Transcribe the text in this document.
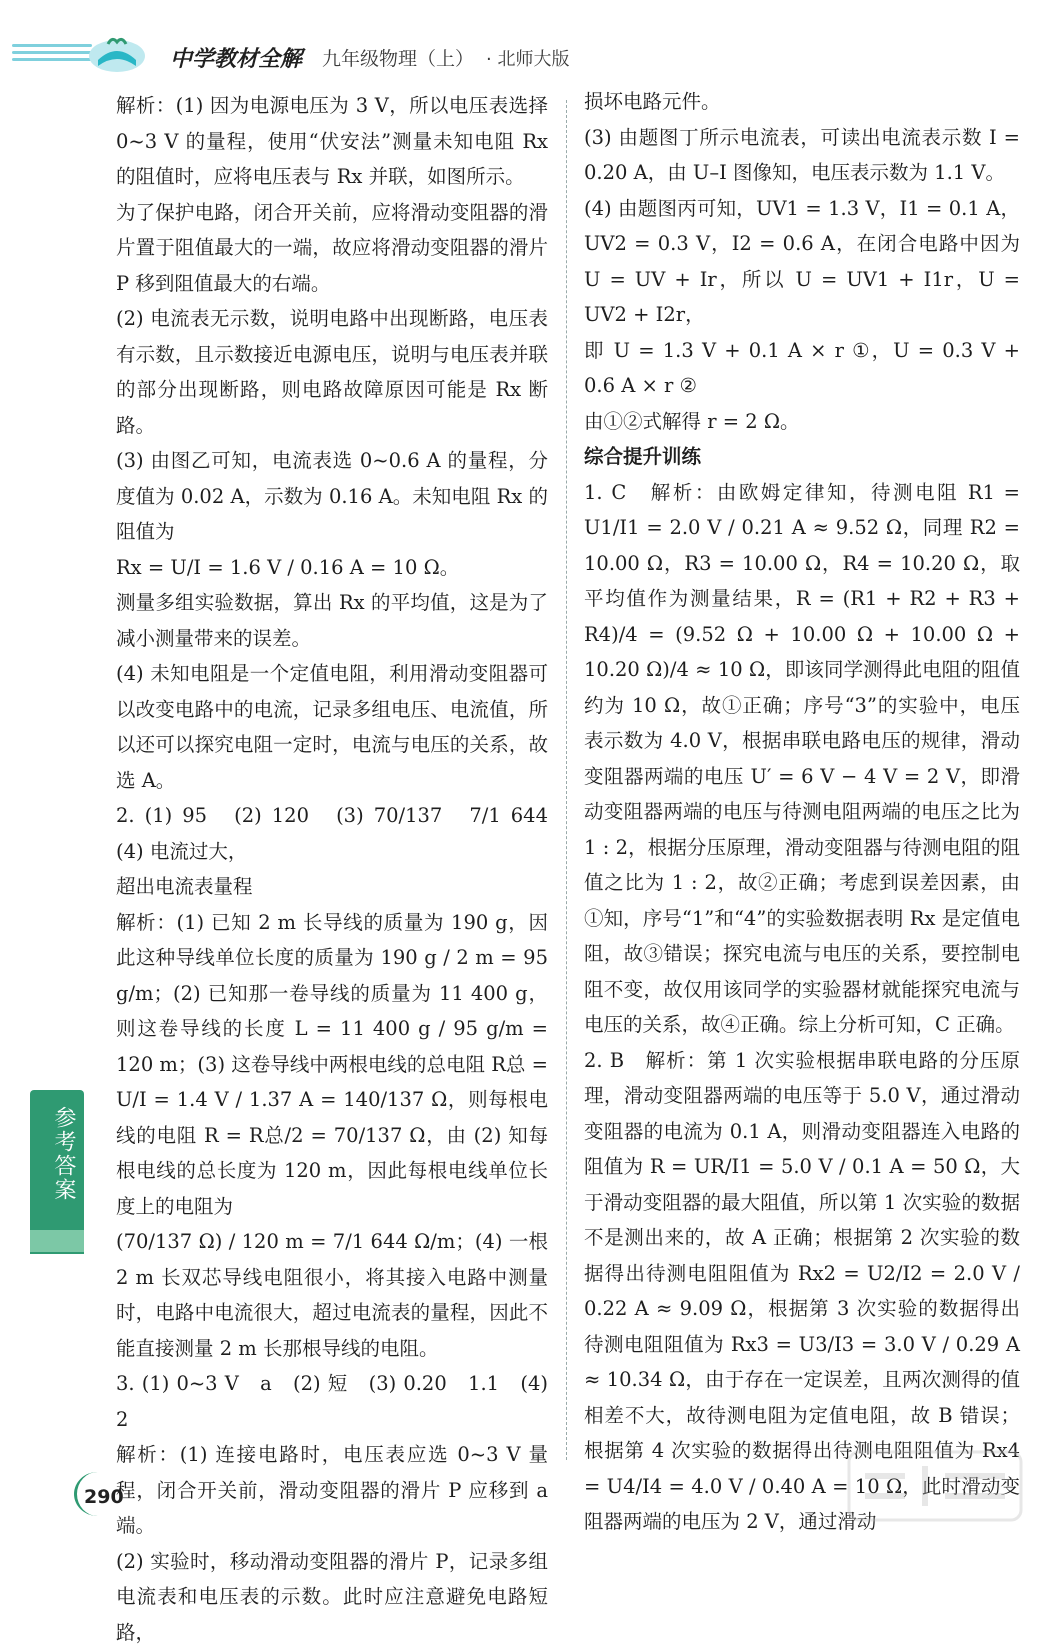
中学教材全解 九年级物理（上） · 北师大版

解析：(1) 因为电源电压为 3 V，所以电压表选择 0~3 V 的量程，使用“伏安法”测量未知电阻 Rx 的阻值时，应将电压表与 Rx 并联，如图所示。

为了保护电路，闭合开关前，应将滑动变阻器的滑片置于阻值最大的一端，故应将滑动变阻器的滑片 P 移到阻值最大的右端。

(2) 电流表无示数，说明电路中出现断路，电压表有示数，且示数接近电源电压，说明与电压表并联的部分出现断路，则电路故障原因可能是 Rx 断路。

(3) 由图乙可知，电流表选 0~0.6 A 的量程，分度值为 0.02 A，示数为 0.16 A。未知电阻 Rx 的阻值为

Rx = U/I = 1.6 V / 0.16 A = 10 Ω。

测量多组实验数据，算出 Rx 的平均值，这是为了减小测量带来的误差。

(4) 未知电阻是一个定值电阻，利用滑动变阻器可以改变电路中的电流，记录多组电压、电流值，所以还可以探究电阻一定时，电流与电压的关系，故选 A。

2. (1) 95　(2) 120　(3) 70/137　7/1 644　(4) 电流过大，

超出电流表量程

解析：(1) 已知 2 m 长导线的质量为 190 g，因此这种导线单位长度的质量为 190 g / 2 m = 95 g/m；(2) 已知那一卷导线的质量为 11 400 g，则这卷导线的长度 L = 11 400 g / 95 g/m = 120 m；(3) 这卷导线中两根电线的总电阻 R总 = U/I = 1.4 V / 1.37 A = 140/137 Ω，则每根电线的电阻 R = R总/2 = 70/137 Ω，由 (2) 知每根电线的总长度为 120 m，因此每根电线单位长度上的电阻为

(70/137 Ω) / 120 m = 7/1 644 Ω/m；(4) 一根 2 m 长双芯导线电阻很小，将其接入电路中测量时，电路中电流很大，超过电流表的量程，因此不能直接测量 2 m 长那根导线的电阻。

3. (1) 0~3 V　a　(2) 短　(3) 0.20　1.1　(4) 2

解析：(1) 连接电路时，电压表应选 0~3 V 量程，闭合开关前，滑动变阻器的滑片 P 应移到 a 端。

(2) 实验时，移动滑动变阻器的滑片 P，记录多组电流表和电压表的示数。此时应注意避免电路短路，

损坏电路元件。

(3) 由题图丁所示电流表，可读出电流表示数 I = 0.20 A，由 U–I 图像知，电压表示数为 1.1 V。

(4) 由题图丙可知，UV1 = 1.3 V，I1 = 0.1 A，UV2 = 0.3 V，I2 = 0.6 A，在闭合电路中因为 U = UV + Ir，所以 U = UV1 + I1r，U = UV2 + I2r，

即 U = 1.3 V + 0.1 A × r ①，U = 0.3 V + 0.6 A × r ②

由①②式解得 r = 2 Ω。

综合提升训练

1. C　解析：由欧姆定律知，待测电阻 R1 = U1/I1 = 2.0 V / 0.21 A ≈ 9.52 Ω，同理 R2 = 10.00 Ω，R3 = 10.00 Ω，R4 = 10.20 Ω，取平均值作为测量结果，R = (R1 + R2 + R3 + R4)/4 = (9.52 Ω + 10.00 Ω + 10.00 Ω + 10.20 Ω)/4 ≈ 10 Ω，即该同学测得此电阻的阻值约为 10 Ω，故①正确；序号“3”的实验中，电压表示数为 4.0 V，根据串联电路电压的规律，滑动变阻器两端的电压 U′ = 6 V − 4 V = 2 V，即滑动变阻器两端的电压与待测电阻两端的电压之比为 1 : 2，根据分压原理，滑动变阻器与待测电阻的阻值之比为 1 : 2，故②正确；考虑到误差因素，由①知，序号“1”和“4”的实验数据表明 Rx 是定值电阻，故③错误；探究电流与电压的关系，要控制电阻不变，故仅用该同学的实验器材就能探究电流与电压的关系，故④正确。综上分析可知，C 正确。

2. B　解析：第 1 次实验根据串联电路的分压原理，滑动变阻器两端的电压等于 5.0 V，通过滑动变阻器的电流为 0.1 A，则滑动变阻器连入电路的阻值为 R = UR/I1 = 5.0 V / 0.1 A = 50 Ω，大于滑动变阻器的最大阻值，所以第 1 次实验的数据不是测出来的，故 A 正确；根据第 2 次实验的数据得出待测电阻阻值为 Rx2 = U2/I2 = 2.0 V / 0.22 A ≈ 9.09 Ω，根据第 3 次实验的数据得出待测电阻阻值为 Rx3 = U3/I3 = 3.0 V / 0.29 A ≈ 10.34 Ω，由于存在一定误差，且两次测得的值相差不大，故待测电阻为定值电阻，故 B 错误；根据第 4 次实验的数据得出待测电阻阻值为 Rx4 = U4/I4 = 4.0 V / 0.40 A = 10 Ω，此时滑动变阻器两端的电压为 2 V，通过滑动

参考答案
290
